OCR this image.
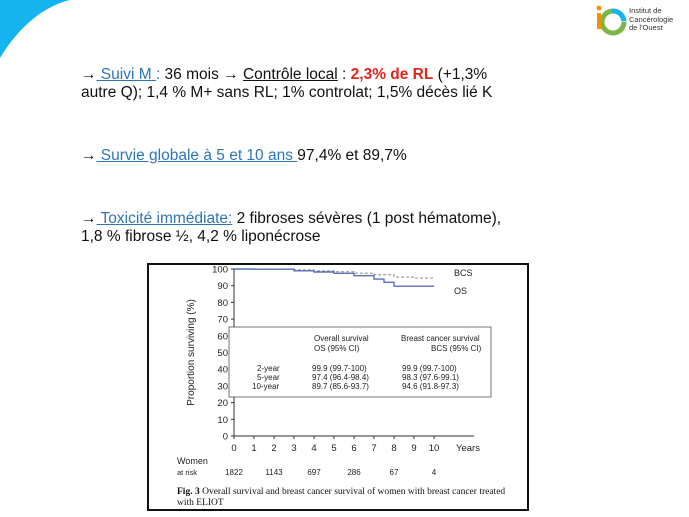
Institut de
Cancérologie
de l'Ouest
→ Suivi M : 36 mois → Contrôle local : 2,3% de RL (+1,3%
autre Q); 1,4 % M+ sans RL; 1% controlat; 1,5% décès lié K
→ Survie globale à 5 et 10 ans 97,4% et 89,7%
→ Toxicité immédiate: 2 fibroses sévères (1 post hématome),
1,8 % fibrose ½, 4,2 % liponécrose
0
10
20
30
40
50
60
70
80
90
100
0 1 2 3 4 5 6 7 8 9 10
BCS
OS
Proportion surviving (%)
Years
Overall survival	Breast cancer survival
OS (95% CI)	BCS (95% CI)
2-year	99.9 (99.7-100)	99.9 (99.7-100)
5-year	97.4 (96.4-98.4)	98.3 (97.6-99.1)
10-year	89.7 (85.6-93.7)	94.6 (91.8-97.3)
Women
at risk	1822	1143	697	286	67	4
Fig. 3 Overall survival and breast cancer survival of women with breast cancer treated with ELIOT
